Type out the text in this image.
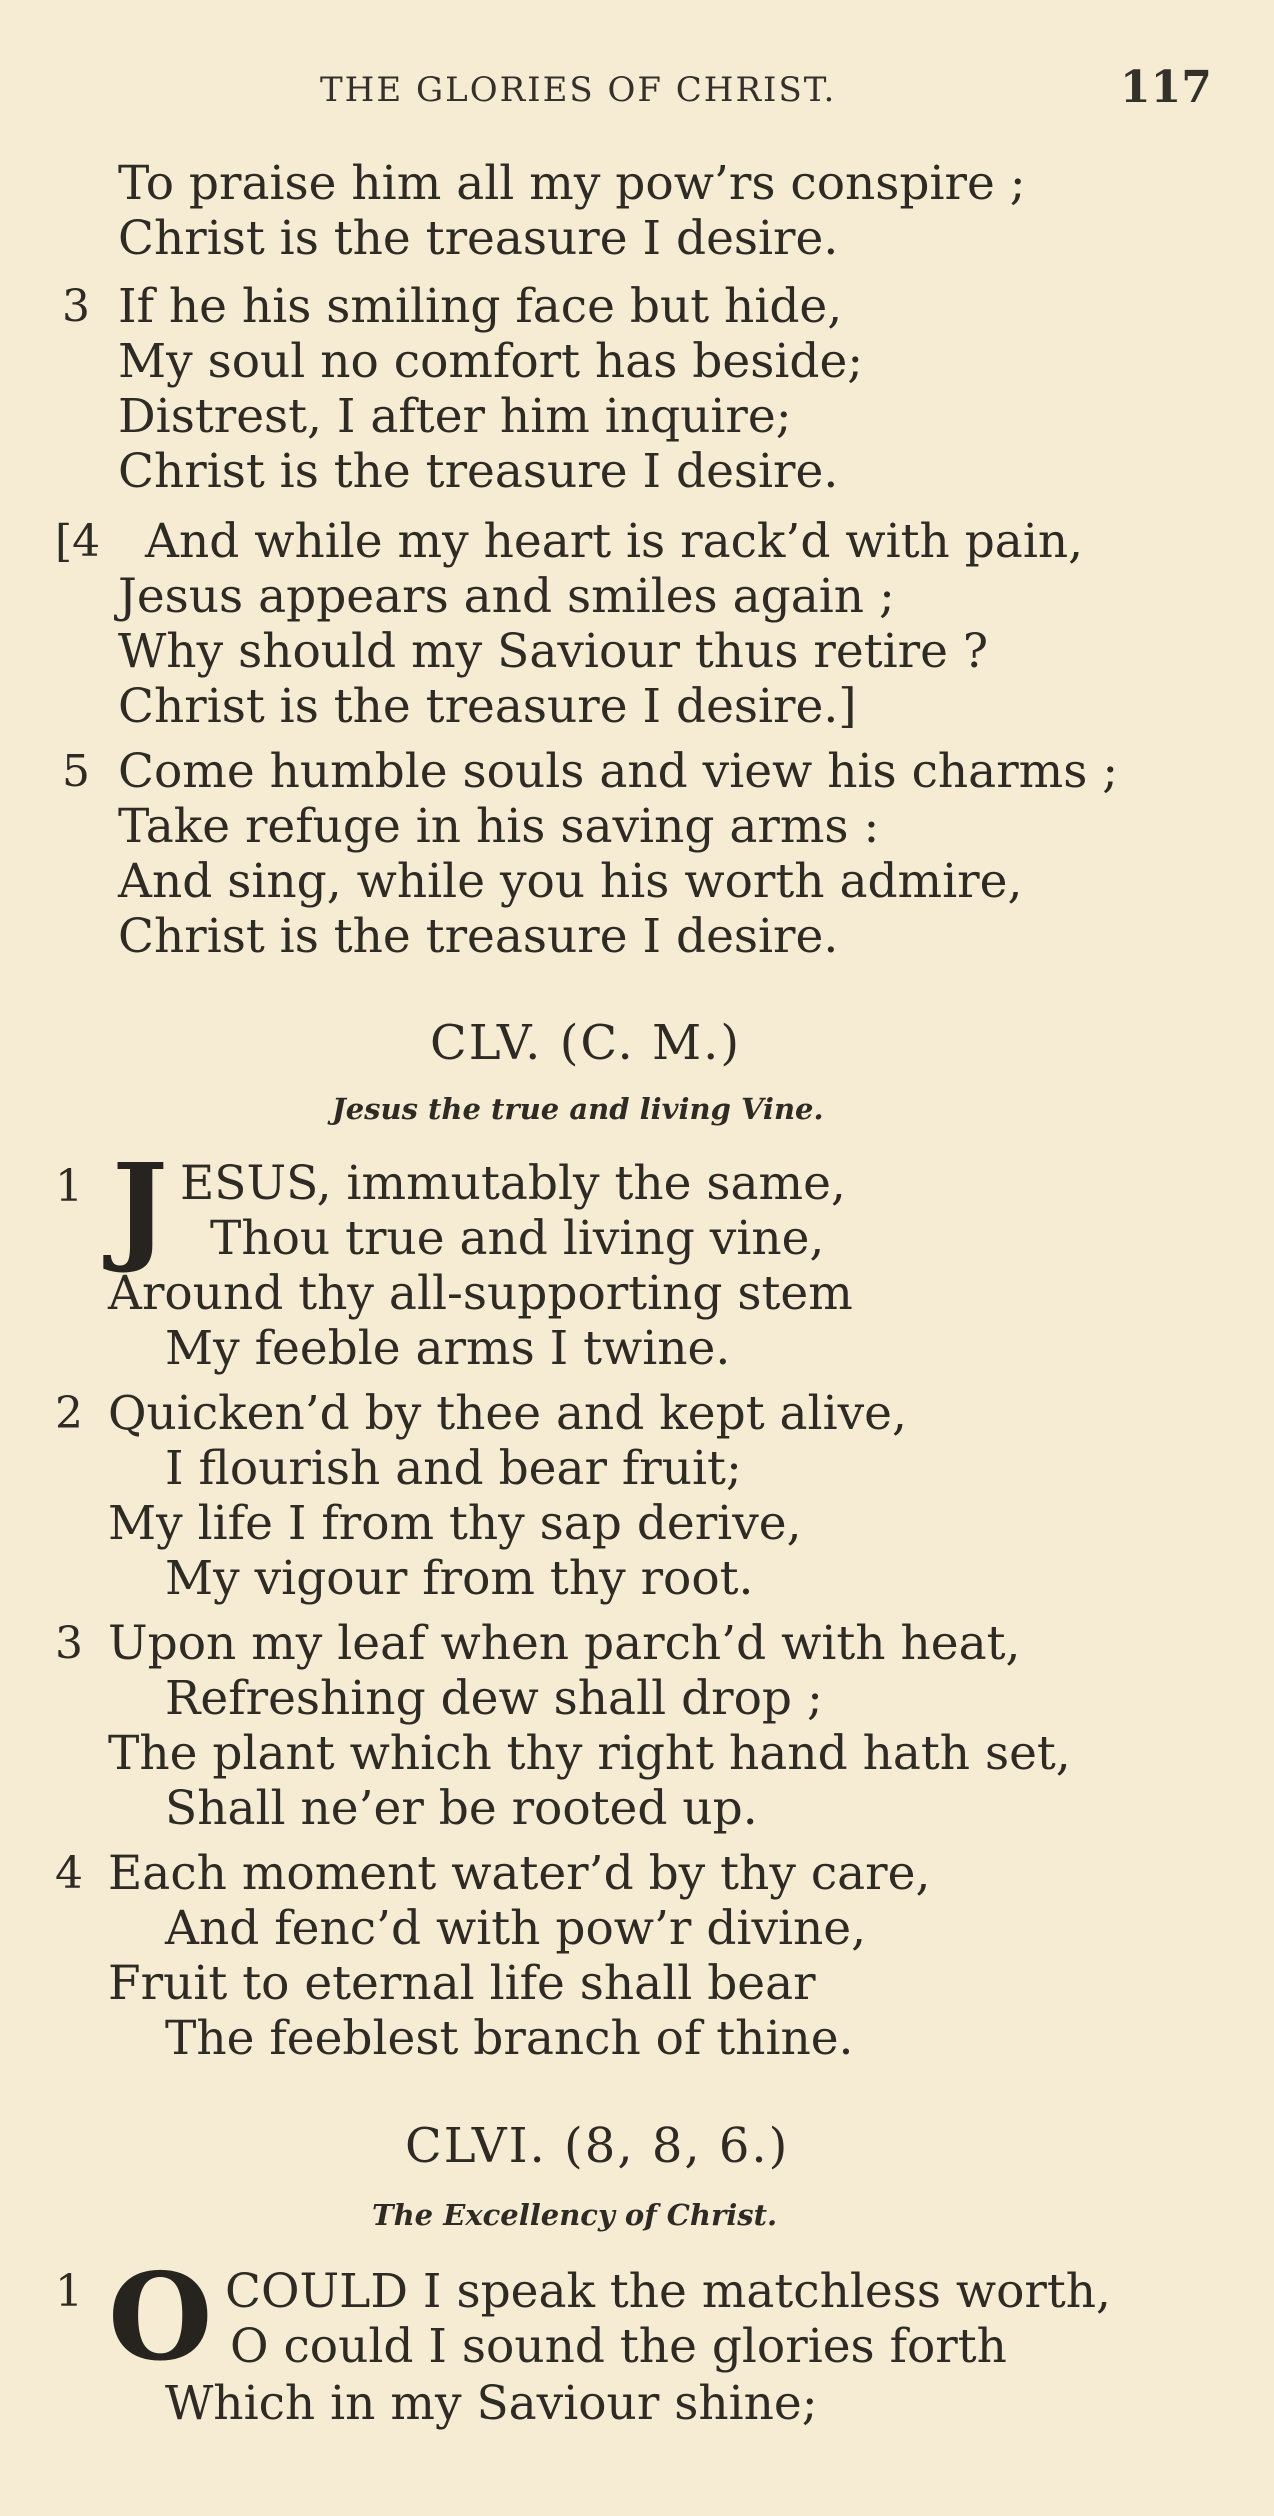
THE GLORIES OF CHRIST.	117
To praise him all my pow’rs conspire ;
Christ is the treasure I desire.
3 If he his smiling face but hide,
My soul no comfort has beside;
Distrest, I after him inquire;
Christ is the treasure I desire.
[4 And while my heart is rack’d with pain,
Jesus appears and smiles again ;
Why should my Saviour thus retire ?
Christ is the treasure I desire.]
5 Come humble souls and view his charms ;
Take refuge in his saving arms :
And sing, while you his worth admire,
Christ is the treasure I desire.
CLV. (C. M.)
Jesus the true and living Vine.
1 J ESUS, immutably the same,
Thou true and living vine,
Around thy all-supporting stem
My feeble arms I twine.
2 Quicken’d by thee and kept alive,
I flourish and bear fruit;
My life I from thy sap derive,
My vigour from thy root.
3 Upon my leaf when parch’d with heat,
Refreshing dew shall drop ;
The plant which thy right hand hath set,
Shall ne’er be rooted up.
4 Each moment water’d by thy care,
And fenc’d with pow’r divine,
Fruit to eternal life shall bear
The feeblest branch of thine.
CLVI. (8, 8, 6.)
The Excellency of Christ.
1 O COULD I speak the matchless worth,
O could I sound the glories forth
Which in my Saviour shine;
